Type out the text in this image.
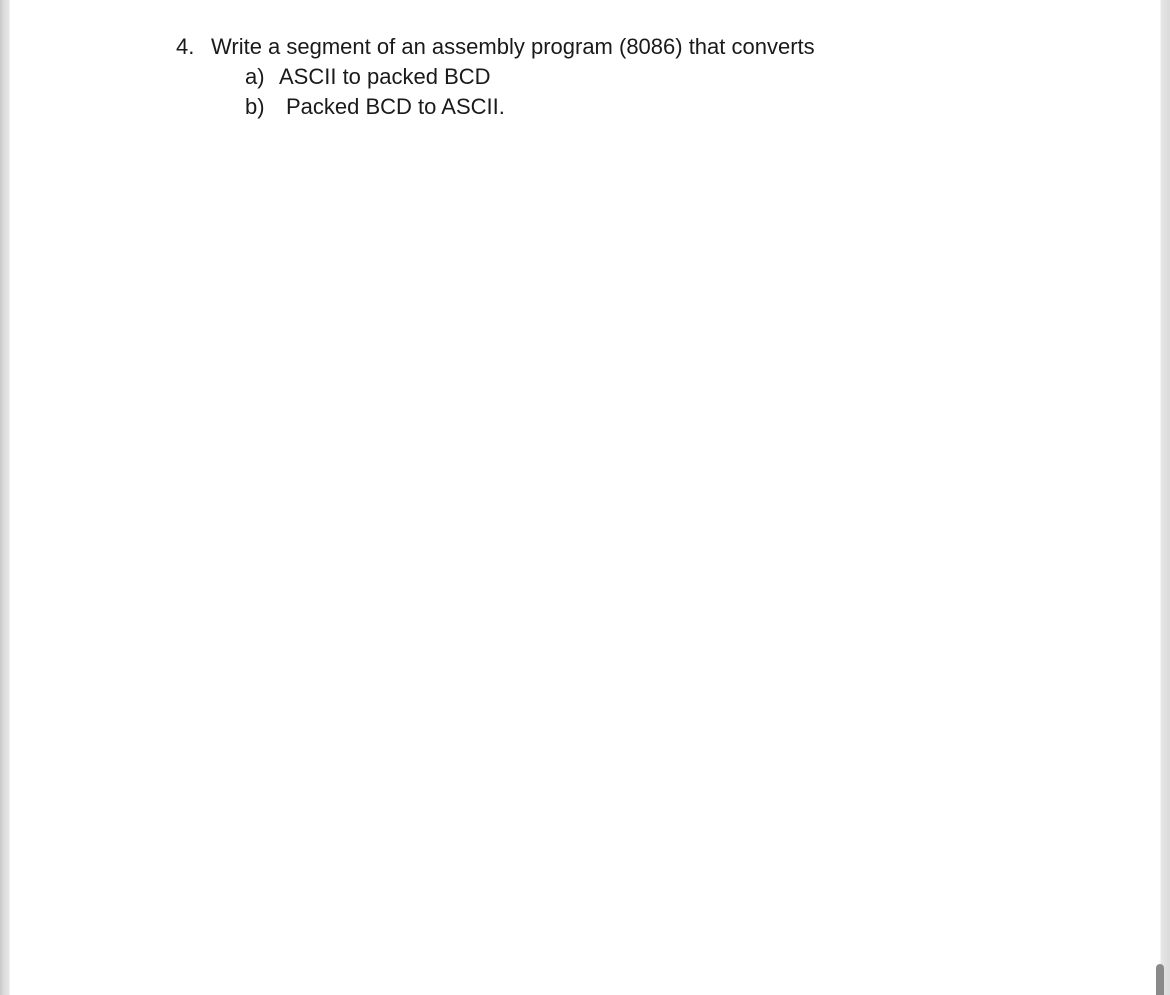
4. Write a segment of an assembly program (8086) that converts
a) ASCII to packed BCD
b) Packed BCD to ASCII.
